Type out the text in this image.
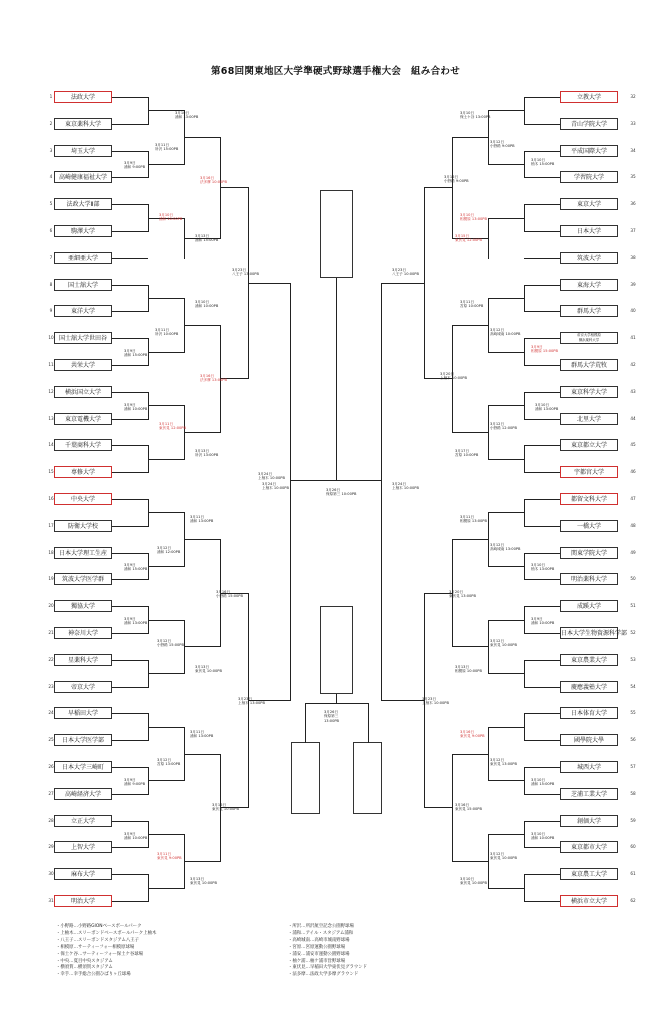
第68回関東地区大学準硬式野球選手権大会　組み合わせ
・小野路…小野路GIONベースボールパーク
・上柚木…スリーボンドベースボールパーク上柚木
・八王子…スリーボンドスタジアム八王子
・相模原…サーティーフォー相模原球場
・保土ケ谷…サーティーフォー保土ケ谷球場
・中央…夏目中央スタジアム
・横須賀…横須賀スタジアム
・幸手…幸手総合公園ひばりヶ丘球場
・所沢…所沢航空記念公園野球場
・浦和…アイル・スタジアム浦和
・高崎城南…高崎市城南野球場
・宮原…宮原運動公園野球場
・浦安…浦安市運動公園野球場
・柚ケ浦…柚ケ浦市営野球場
・東伏見…早稲田大学東伏見グラウンド
・法多摩…法政大学多摩グラウンド
1	法政大学
2	東京薬科大学
3	埼玉大学
4	高崎健康福祉大学
5	法政大学Ⅱ部
6	駒澤大学
7	亜細亜大学
8	国士舘大学
9	東洋大学
10 国士舘大学世田谷
11	共栄大学
12	横浜国立大学
13	東京電機大学
14	千葉商科大学
15	専修大学
16	中央大学
17	防衛大学校
18 日本大学理工生産
19	筑波大学医学群
20	獨協大学
21	神奈川大学
22	星薬科大学
23	帝京大学
24	早稲田大学
25	日本大学医学部
26	日本大学三崎町
27	高崎経済大学
28	立正大学
29	上智大学
30	麻布大学
31	明治大学
立教大学	32
青山学院大学	33
平成国際大学	34
学習院大学	35
東京大学	36
日本大学	37
筑波大学	38
東海大学	39
群馬大学	40
帝京大学相模原
横浜薬科大学	41
群馬大学荒牧	42
東京科学大学	43
北里大学	44
東京都立大学	45
宇都宮大学	46
都留文科大学	47
一橋大学	48
関東学院大学	49
明治薬科大学	50
成蹊大学	51
日本大学生物資源科学部 52
東京農業大学	53
慶應義塾大学	54
日本体育大学	55
國學院大學	56
城西大学	57
芝浦工業大学	58
創価大学	59
東京都市大学	60
東京農工大学	61
横浜市立大学	62
3月10日
浦和 13:00PB
3月11日
所沢 15:00PB
3月9日
浦和 9:00PB
3月16日
法多摩 10:00PB
3月10日
浦和 10:00PB
3月13日
浦和 15:00PB
3月23日
八王子 13:00PB
3月10日
浦和 10:00PB
3月11日
所沢 10:00PB
3月9日
浦和 15:00PB
3月16日
法多摩 13:00PB
3月9日
浦和 10:00PB
3月11日
東伏見 12:00PB
3月13日
所沢 13:00PB
3月24日
上柚木 10:00PB
3月11日
浦和 13:00PB
3月12日
浦和 12:00PB
3月9日
浦和 15:00PB
3月16日
小野路 15:00PB
3月9日
浦和 13:00PB
3月12日
小野路 15:00PB
3月13日
東伏見 10:00PB
3月23日
上柚木 13:00PB
3月11日
浦和 13:00PB
3月12日
宮原 13:00PB
3月9日
浦和 9:00PB
3月16日
東伏見 10:00PB
3月9日
浦和 10:00PB
3月11日
東伏見 9:00PB
3月13日
東伏見 10:00PB
3月10日
保土ケ谷 13:00PB
3月12日
小野路 9:00PB
3月10日
柚木 15:00PB
3月16日
小野路 9:00PB
3月10日
相模原 13:00PB
3月15日
東伏見 12:00PB
3月23日
八王子 10:00PB
3月11日
宮原 10:00PB
3月12日
高崎城南 10:00PB
3月9日
相模原 15:00PB
3月20日
上柚木 10:00PB
3月10日
浦和 13:00PB
3月12日
小野路 12:00PB
3月17日
宮原 10:00PB
3月24日
上柚木 10:00PB
3月11日
相模原 13:00PB
3月12日
高崎城南 13:00PB
3月10日
柚木 13:00PB
3月20日
東伏見 13:00PB
3月9日
浦和 10:00PB
3月12日
東伏見 10:00PB
3月13日
相模原 10:00PB
3月23日
上柚木 10:00PB
3月16日
東伏見 9:00PB
3月12日
東伏見 13:00PB
3月10日
浦和 15:00PB
3月16日
東伏見 15:00PB
3月10日
浦和 10:00PB
3月12日
東伏見 10:00PB
3月10日
東伏見 10:00PB
3月26日
保原第三 10:00PB
3月26日
保原第三
13:00PB
3月24日
上柚木 10:00PB
